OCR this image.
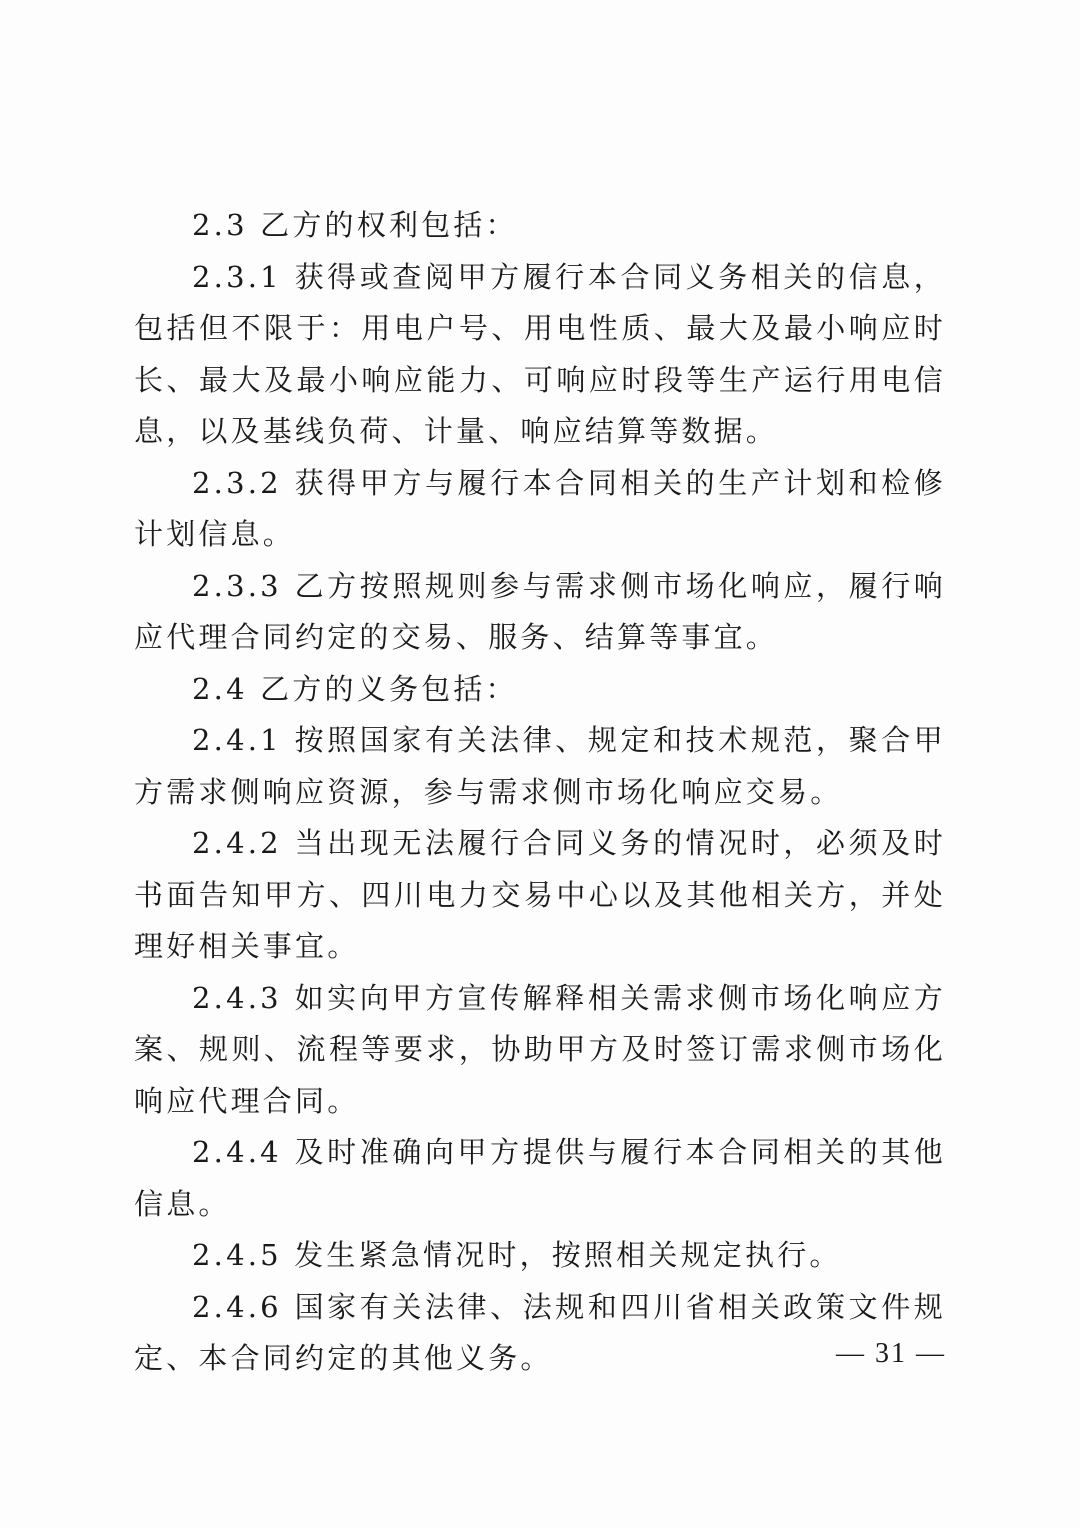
2.3 乙方的权利包括：

2.3.1 获得或查阅甲方履行本合同义务相关的信息，包括但不限于：用电户号、用电性质、最大及最小响应时长、最大及最小响应能力、可响应时段等生产运行用电信息，以及基线负荷、计量、响应结算等数据。

2.3.2 获得甲方与履行本合同相关的生产计划和检修计划信息。

2.3.3 乙方按照规则参与需求侧市场化响应，履行响应代理合同约定的交易、服务、结算等事宜。

2.4 乙方的义务包括：

2.4.1 按照国家有关法律、规定和技术规范，聚合甲方需求侧响应资源，参与需求侧市场化响应交易。

2.4.2 当出现无法履行合同义务的情况时，必须及时书面告知甲方、四川电力交易中心以及其他相关方，并处理好相关事宜。

2.4.3 如实向甲方宣传解释相关需求侧市场化响应方案、规则、流程等要求，协助甲方及时签订需求侧市场化响应代理合同。

2.4.4 及时准确向甲方提供与履行本合同相关的其他信息。

2.4.5 发生紧急情况时，按照相关规定执行。

2.4.6 国家有关法律、法规和四川省相关政策文件规定、本合同约定的其他义务。	— 31 —
